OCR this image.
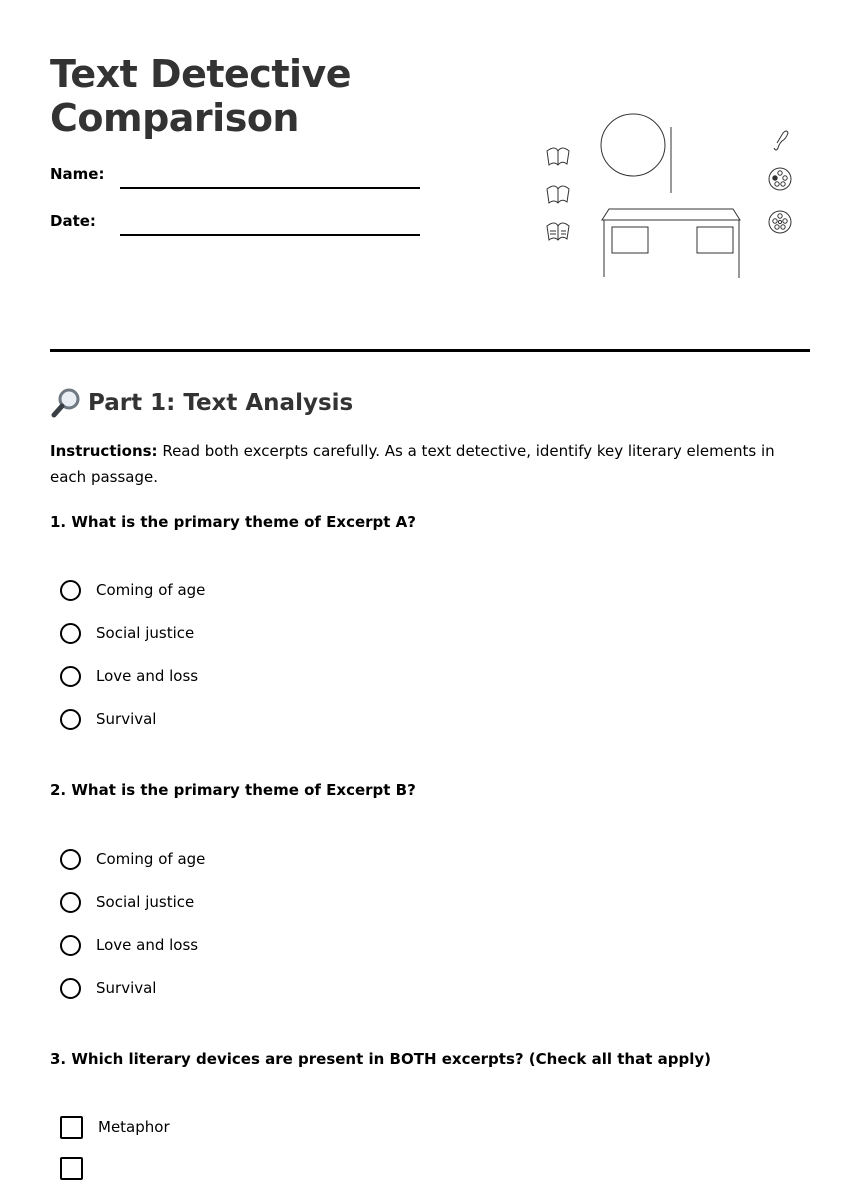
Text Detective
Comparison
Name:
Date:
Part 1: Text Analysis
Instructions: Read both excerpts carefully. As a text detective, identify key literary elements in each passage.
1. What is the primary theme of Excerpt A?
Coming of age
Social justice
Love and loss
Survival
2. What is the primary theme of Excerpt B?
Coming of age
Social justice
Love and loss
Survival
3. Which literary devices are present in BOTH excerpts? (Check all that apply)
Metaphor
